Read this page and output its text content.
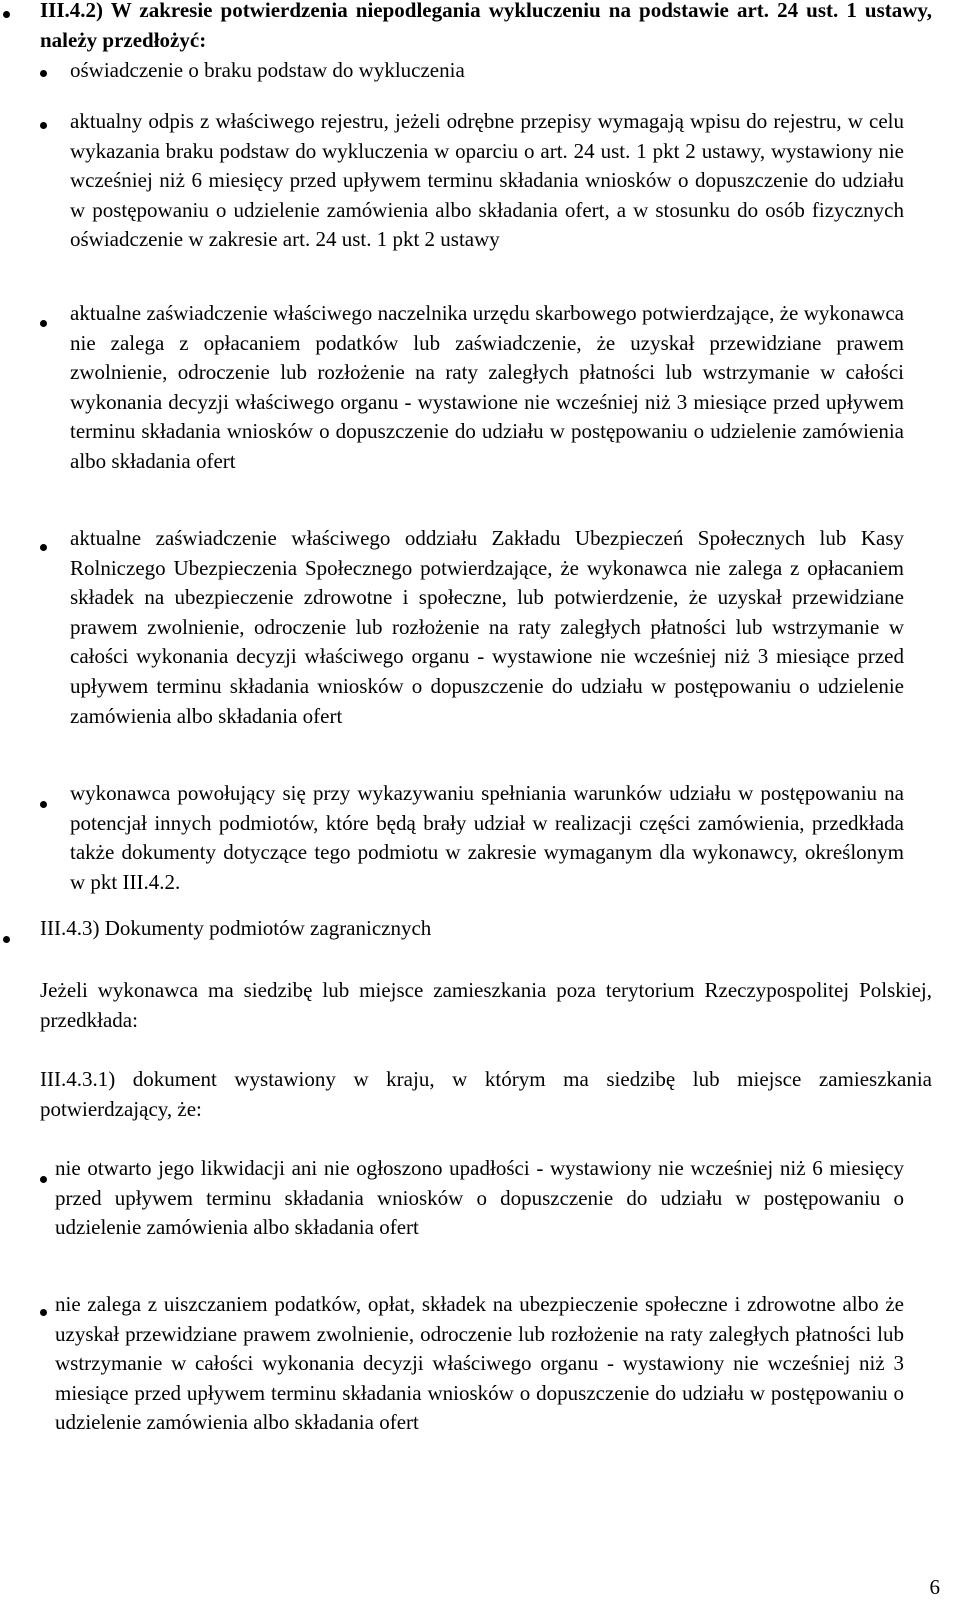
III.4.2) W zakresie potwierdzenia niepodlegania wykluczeniu na podstawie art. 24 ust. 1 ustawy, należy przedłożyć:
oświadczenie o braku podstaw do wykluczenia
aktualny odpis z właściwego rejestru, jeżeli odrębne przepisy wymagają wpisu do rejestru, w celu wykazania braku podstaw do wykluczenia w oparciu o art. 24 ust. 1 pkt 2 ustawy, wystawiony nie wcześniej niż 6 miesięcy przed upływem terminu składania wniosków o dopuszczenie do udziału w postępowaniu o udzielenie zamówienia albo składania ofert, a w stosunku do osób fizycznych oświadczenie w zakresie art. 24 ust. 1 pkt 2 ustawy
aktualne zaświadczenie właściwego naczelnika urzędu skarbowego potwierdzające, że wykonawca nie zalega z opłacaniem podatków lub zaświadczenie, że uzyskał przewidziane prawem zwolnienie, odroczenie lub rozłożenie na raty zaległych płatności lub wstrzymanie w całości wykonania decyzji właściwego organu - wystawione nie wcześniej niż 3 miesiące przed upływem terminu składania wniosków o dopuszczenie do udziału w postępowaniu o udzielenie zamówienia albo składania ofert
aktualne zaświadczenie właściwego oddziału Zakładu Ubezpieczeń Społecznych lub Kasy Rolniczego Ubezpieczenia Społecznego potwierdzające, że wykonawca nie zalega z opłacaniem składek na ubezpieczenie zdrowotne i społeczne, lub potwierdzenie, że uzyskał przewidziane prawem zwolnienie, odroczenie lub rozłożenie na raty zaległych płatności lub wstrzymanie w całości wykonania decyzji właściwego organu - wystawione nie wcześniej niż 3 miesiące przed upływem terminu składania wniosków o dopuszczenie do udziału w postępowaniu o udzielenie zamówienia albo składania ofert
wykonawca powołujący się przy wykazywaniu spełniania warunków udziału w postępowaniu na potencjał innych podmiotów, które będą brały udział w realizacji części zamówienia, przedkłada także dokumenty dotyczące tego podmiotu w zakresie wymaganym dla wykonawcy, określonym w pkt III.4.2.
III.4.3) Dokumenty podmiotów zagranicznych
Jeżeli wykonawca ma siedzibę lub miejsce zamieszkania poza terytorium Rzeczypospolitej Polskiej, przedkłada:
III.4.3.1) dokument wystawiony w kraju, w którym ma siedzibę lub miejsce zamieszkania potwierdzający, że:
nie otwarto jego likwidacji ani nie ogłoszono upadłości - wystawiony nie wcześniej niż 6 miesięcy przed upływem terminu składania wniosków o dopuszczenie do udziału w postępowaniu o udzielenie zamówienia albo składania ofert
nie zalega z uiszczaniem podatków, opłat, składek na ubezpieczenie społeczne i zdrowotne albo że uzyskał przewidziane prawem zwolnienie, odroczenie lub rozłożenie na raty zaległych płatności lub wstrzymanie w całości wykonania decyzji właściwego organu - wystawiony nie wcześniej niż 3 miesiące przed upływem terminu składania wniosków o dopuszczenie do udziału w postępowaniu o udzielenie zamówienia albo składania ofert
6
